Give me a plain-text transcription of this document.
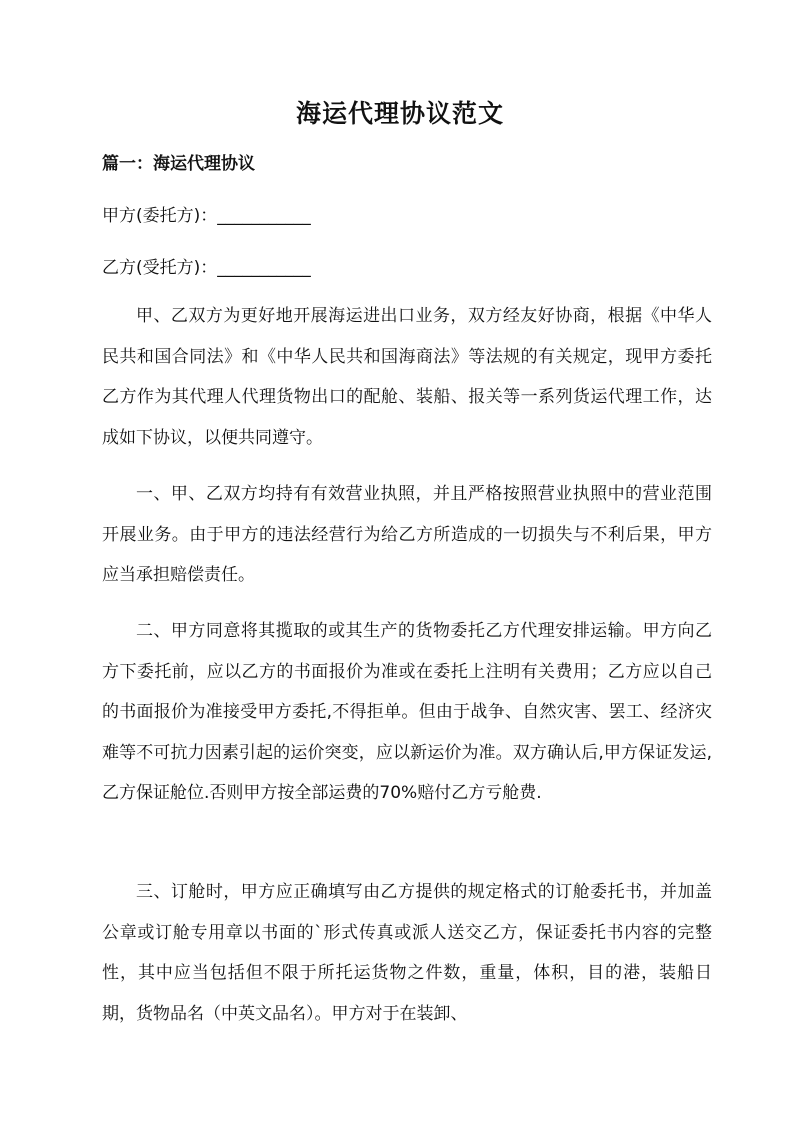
海运代理协议范文
篇一：海运代理协议
甲方(委托方)：___________
乙方(受托方)：___________
甲、乙双方为更好地开展海运进出口业务，双方经友好协商，根据《中华人民共和国合同法》和《中华人民共和国海商法》等法规的有关规定，现甲方委托乙方作为其代理人代理货物出口的配舱、装船、报关等一系列货运代理工作，达成如下协议，以便共同遵守。
一、甲、乙双方均持有有效营业执照，并且严格按照营业执照中的营业范围开展业务。由于甲方的违法经营行为给乙方所造成的一切损失与不利后果，甲方应当承担赔偿责任。
二、甲方同意将其揽取的或其生产的货物委托乙方代理安排运输。甲方向乙方下委托前，应以乙方的书面报价为准或在委托上注明有关费用；乙方应以自己的书面报价为准接受甲方委托,不得拒单。但由于战争、自然灾害、罢工、经济灾难等不可抗力因素引起的运价突变，应以新运价为准。双方确认后,甲方保证发运,乙方保证舱位.否则甲方按全部运费的70%赔付乙方亏舱费.
三、订舱时，甲方应正确填写由乙方提供的规定格式的订舱委托书，并加盖公章或订舱专用章以书面的`形式传真或派人送交乙方，保证委托书内容的完整性，其中应当包括但不限于所托运货物之件数，重量，体积，目的港，装船日期，货物品名（中英文品名）。甲方对于在装卸、
